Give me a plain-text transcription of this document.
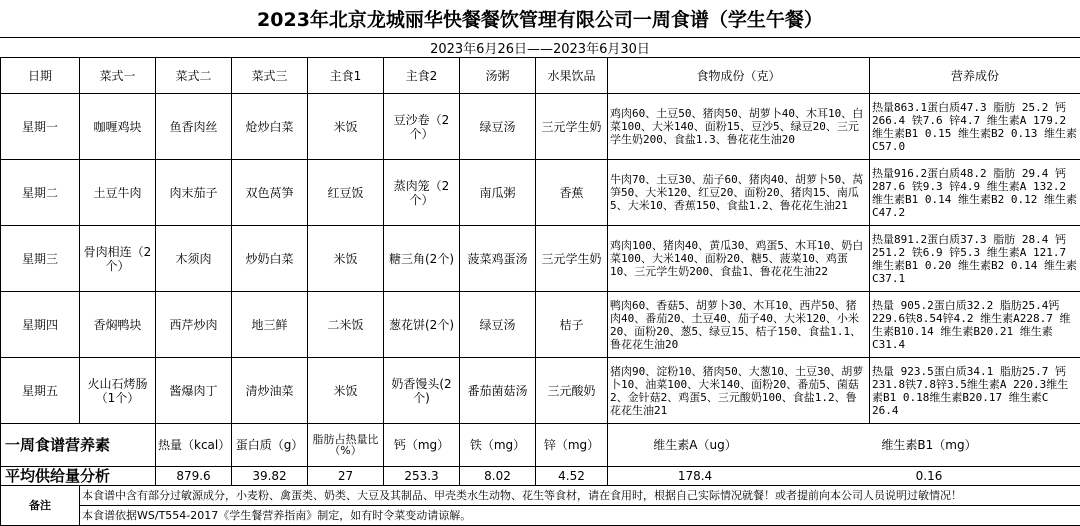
2023年北京龙城丽华快餐餐饮管理有限公司一周食谱（学生午餐）
2023年6月26日——2023年6月30日
日期	菜式一	菜式二	菜式三	主食1	主食2	汤粥	水果饮品	食物成份（克）	营养成份	
星期一	咖喱鸡块	鱼香肉丝	炝炒白菜	米饭	豆沙卷（2个）	绿豆汤	三元学生奶	鸡肉60、土豆50、猪肉50、胡萝卜40、木耳10、白菜100、大米140、面粉15、豆沙5、绿豆20、三元学生奶200、食盐1.3、鲁花花生油20	热量863.1蛋白质47.3 脂肪 25.2 钙 266.4 铁7.6 锌4.7 维生素A 179.2 维生素B1 0.15 维生素B2 0.13 维生素C57.0	
星期二	土豆牛肉	肉末茄子	双色莴笋	红豆饭	蒸肉笼（2个）	南瓜粥	香蕉	牛肉70、土豆30、茄子60、猪肉40、胡萝卜50、莴笋50、大米120、红豆20、面粉20、猪肉15、南瓜5、大米10、香蕉150、食盐1.2、鲁花花生油21	热量916.2蛋白质48.2 脂肪 29.4 钙 287.6 铁9.3 锌4.9 维生素A 132.2 维生素B1 0.14 维生素B2 0.12 维生素C47.2	
星期三	骨肉相连（2个）	木须肉	炒奶白菜	米饭	糖三角(2个)	菠菜鸡蛋汤	三元学生奶	鸡肉100、猪肉40、黄瓜30、鸡蛋5、木耳10、奶白菜100、大米140、面粉20、糖5、菠菜10、鸡蛋10、三元学生奶200、食盐1、鲁花花生油22	热量891.2蛋白质37.3 脂肪 28.4 钙 251.2 铁6.9 锌5.3 维生素A 121.7 维生素B1 0.20 维生素B2 0.14 维生素C37.1	
星期四	香焖鸭块	西芹炒肉	地三鲜	二米饭	葱花饼(2个)	绿豆汤	桔子	鸭肉60、香菇5、胡萝卜30、木耳10、西芹50、猪肉40、番茄20、土豆40、茄子40、大米120、小米20、面粉20、葱5、绿豆15、桔子150、食盐1.1、鲁花花生油20	热量 905.2蛋白质32.2 脂肪25.4钙229.6铁8.54锌4.2 维生素A228.7 维生素B10.14 维生素B20.21 维生素C31.4	
星期五	火山石烤肠（1个）	酱爆肉丁	清炒油菜	米饭	奶香馒头(2个)	番茄菌菇汤	三元酸奶	猪肉90、淀粉10、猪肉50、大葱10、土豆30、胡萝卜10、油菜100、大米140、面粉20、番茄5、菌菇2、金针菇2、鸡蛋5、三元酸奶100、食盐1.2、鲁花花生油21	热量 923.5蛋白质34.1 脂肪25.7 钙231.8铁7.8锌3.5维生素A 220.3维生素B1 0.18维生素B20.17 维生素C 26.4	
一周食谱营养素		热量（kcal）	蛋白质（g）	脂肪占热量比（%）	钙（mg）	铁（mg）	锌（mg）	维生素A（ug） 维生素B1（mg）

平均供给量分析		879.6	39.82	27	253.3	8.02	4.52	178.4 0.16

备注	本食谱中含有部分过敏源成分，小麦粉、禽蛋类、奶类、大豆及其制品、甲壳类水生动物、花生等食材，请在食用时，根据自己实际情况就餐！或者提前向本公司人员说明过敏情况！									
	本食谱依据WS/T554-2017《学生餐营养指南》制定，如有时令菜变动请谅解。									
